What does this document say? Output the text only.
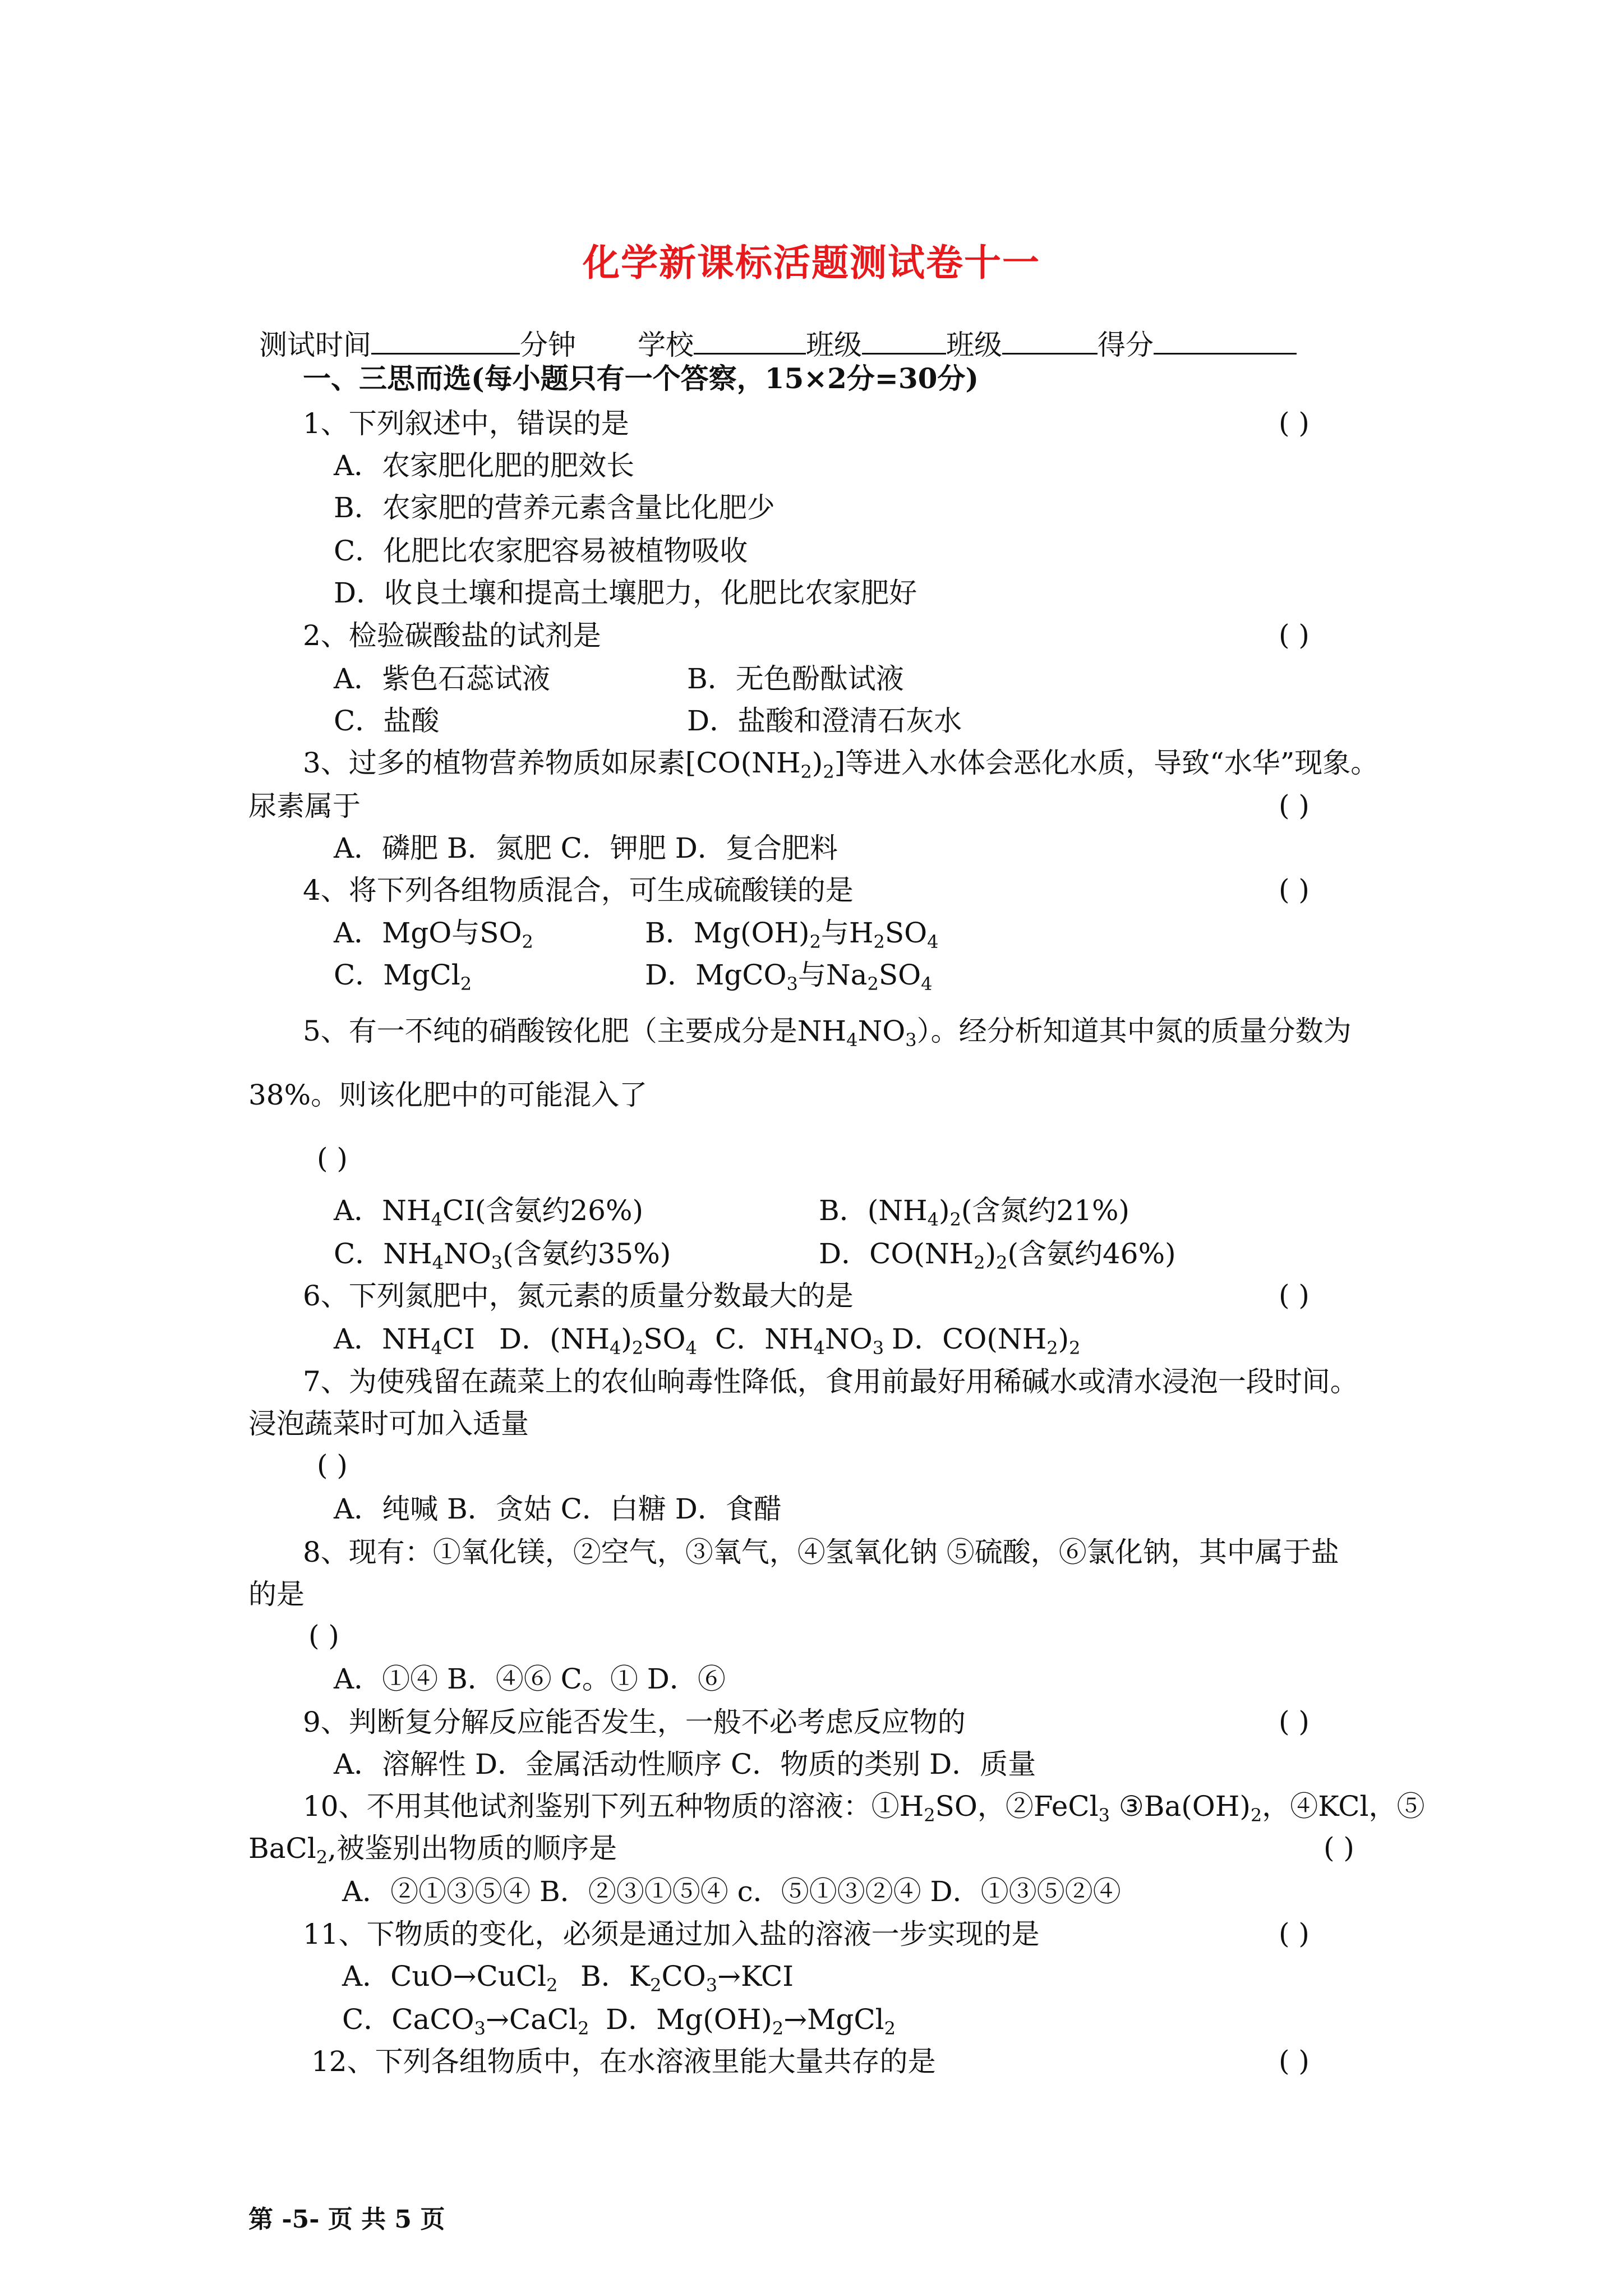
化学新课标活题测试卷十一
测试时间	分钟 学校	班级	班级	得分
一、三思而选(每小题只有一个答察，15×2分=30分)
1、下列叙述中，错误的是	( )
A．农家肥化肥的肥效长
B．农家肥的营养元素含量比化肥少
C．化肥比农家肥容易被植物吸收
D．收良土壤和提高土壤肥力，化肥比农家肥好
2、检验碳酸盐的试剂是	( )
A．紫色石蕊试液	B．无色酚酞试液
C．盐酸	D．盐酸和澄清石灰水
3、过多的植物营养物质如尿素$[CO(NH_2)_2]$等进入水体会恶化水质，导致“水华”现象。
尿素属于	( )
A．磷肥 B．氮肥 C．钾肥 D．复合肥料
4、将下列各组物质混合，可生成硫酸镁的是	( )
A．MgO与$SO_2$	B．$Mg(OH)_2$与$H_2SO_4$
C．MgCl$_2$	D．MgCO$_3$与$Na_2SO_4$
5、有一不纯的硝酸铵化肥（主要成分是$NH_4NO_3$）。经分析知道其中氮的质量分数为
38%。则该化肥中的可能混入了
( )
A．$NH_4CI$(含氨约26%)	B．$(NH_4)_2$(含氮约21%)
C．$NH_4NO_3$(含氨约35%)	D．$CO(NH_2)_2$(含氨约46%)
6、下列氮肥中，氮元素的质量分数最大的是	( )
A．$NH_4CI$ D．$(NH_4)_2SO_4$ C．$NH_4NO_3$ D．$CO(NH_2)_2$
7、为使残留在蔬菜上的农仙晌毒性降低，食用前最好用稀碱水或清水浸泡一段时间。
浸泡蔬菜时可加入适量
( )
A．纯喊 B．贪姑 C．白糖 D．食醋
8、现有：①氧化镁，②空气，③氧气，④氢氧化钠 ⑤硫酸，⑥氯化钠，其中属于盐
的是
( )
A．①④ B．④⑥ C。① D．⑥
9、判断复分解反应能否发生，一般不必考虑反应物的	( )
A．溶解性 D．金属活动性顺序 C．物质的类别 D．质量
10、不用其他试剂鉴别下列五种物质的溶液：$①H_2SO$，②FeCl$_3$ $③Ba(OH)_2$，④KCl，⑤
BaCl$_2$,被鉴别出物质的顺序是	( )
A．②①③⑤④ B．②③①⑤④ c．⑤①③②④ D．①③⑤②④
11、下物质的变化，必须是通过加入盐的溶液一步实现的是	( )
A．CuO→CuCl$_2$ B．$K_2CO_3\to KCI$
C．CaCO$_3$→CaCl$_2$ D．$Mg(OH)_2\to MgCl_2$
12、下列各组物质中，在水溶液里能大量共存的是	( )
第 -5- 页 共 5 页
